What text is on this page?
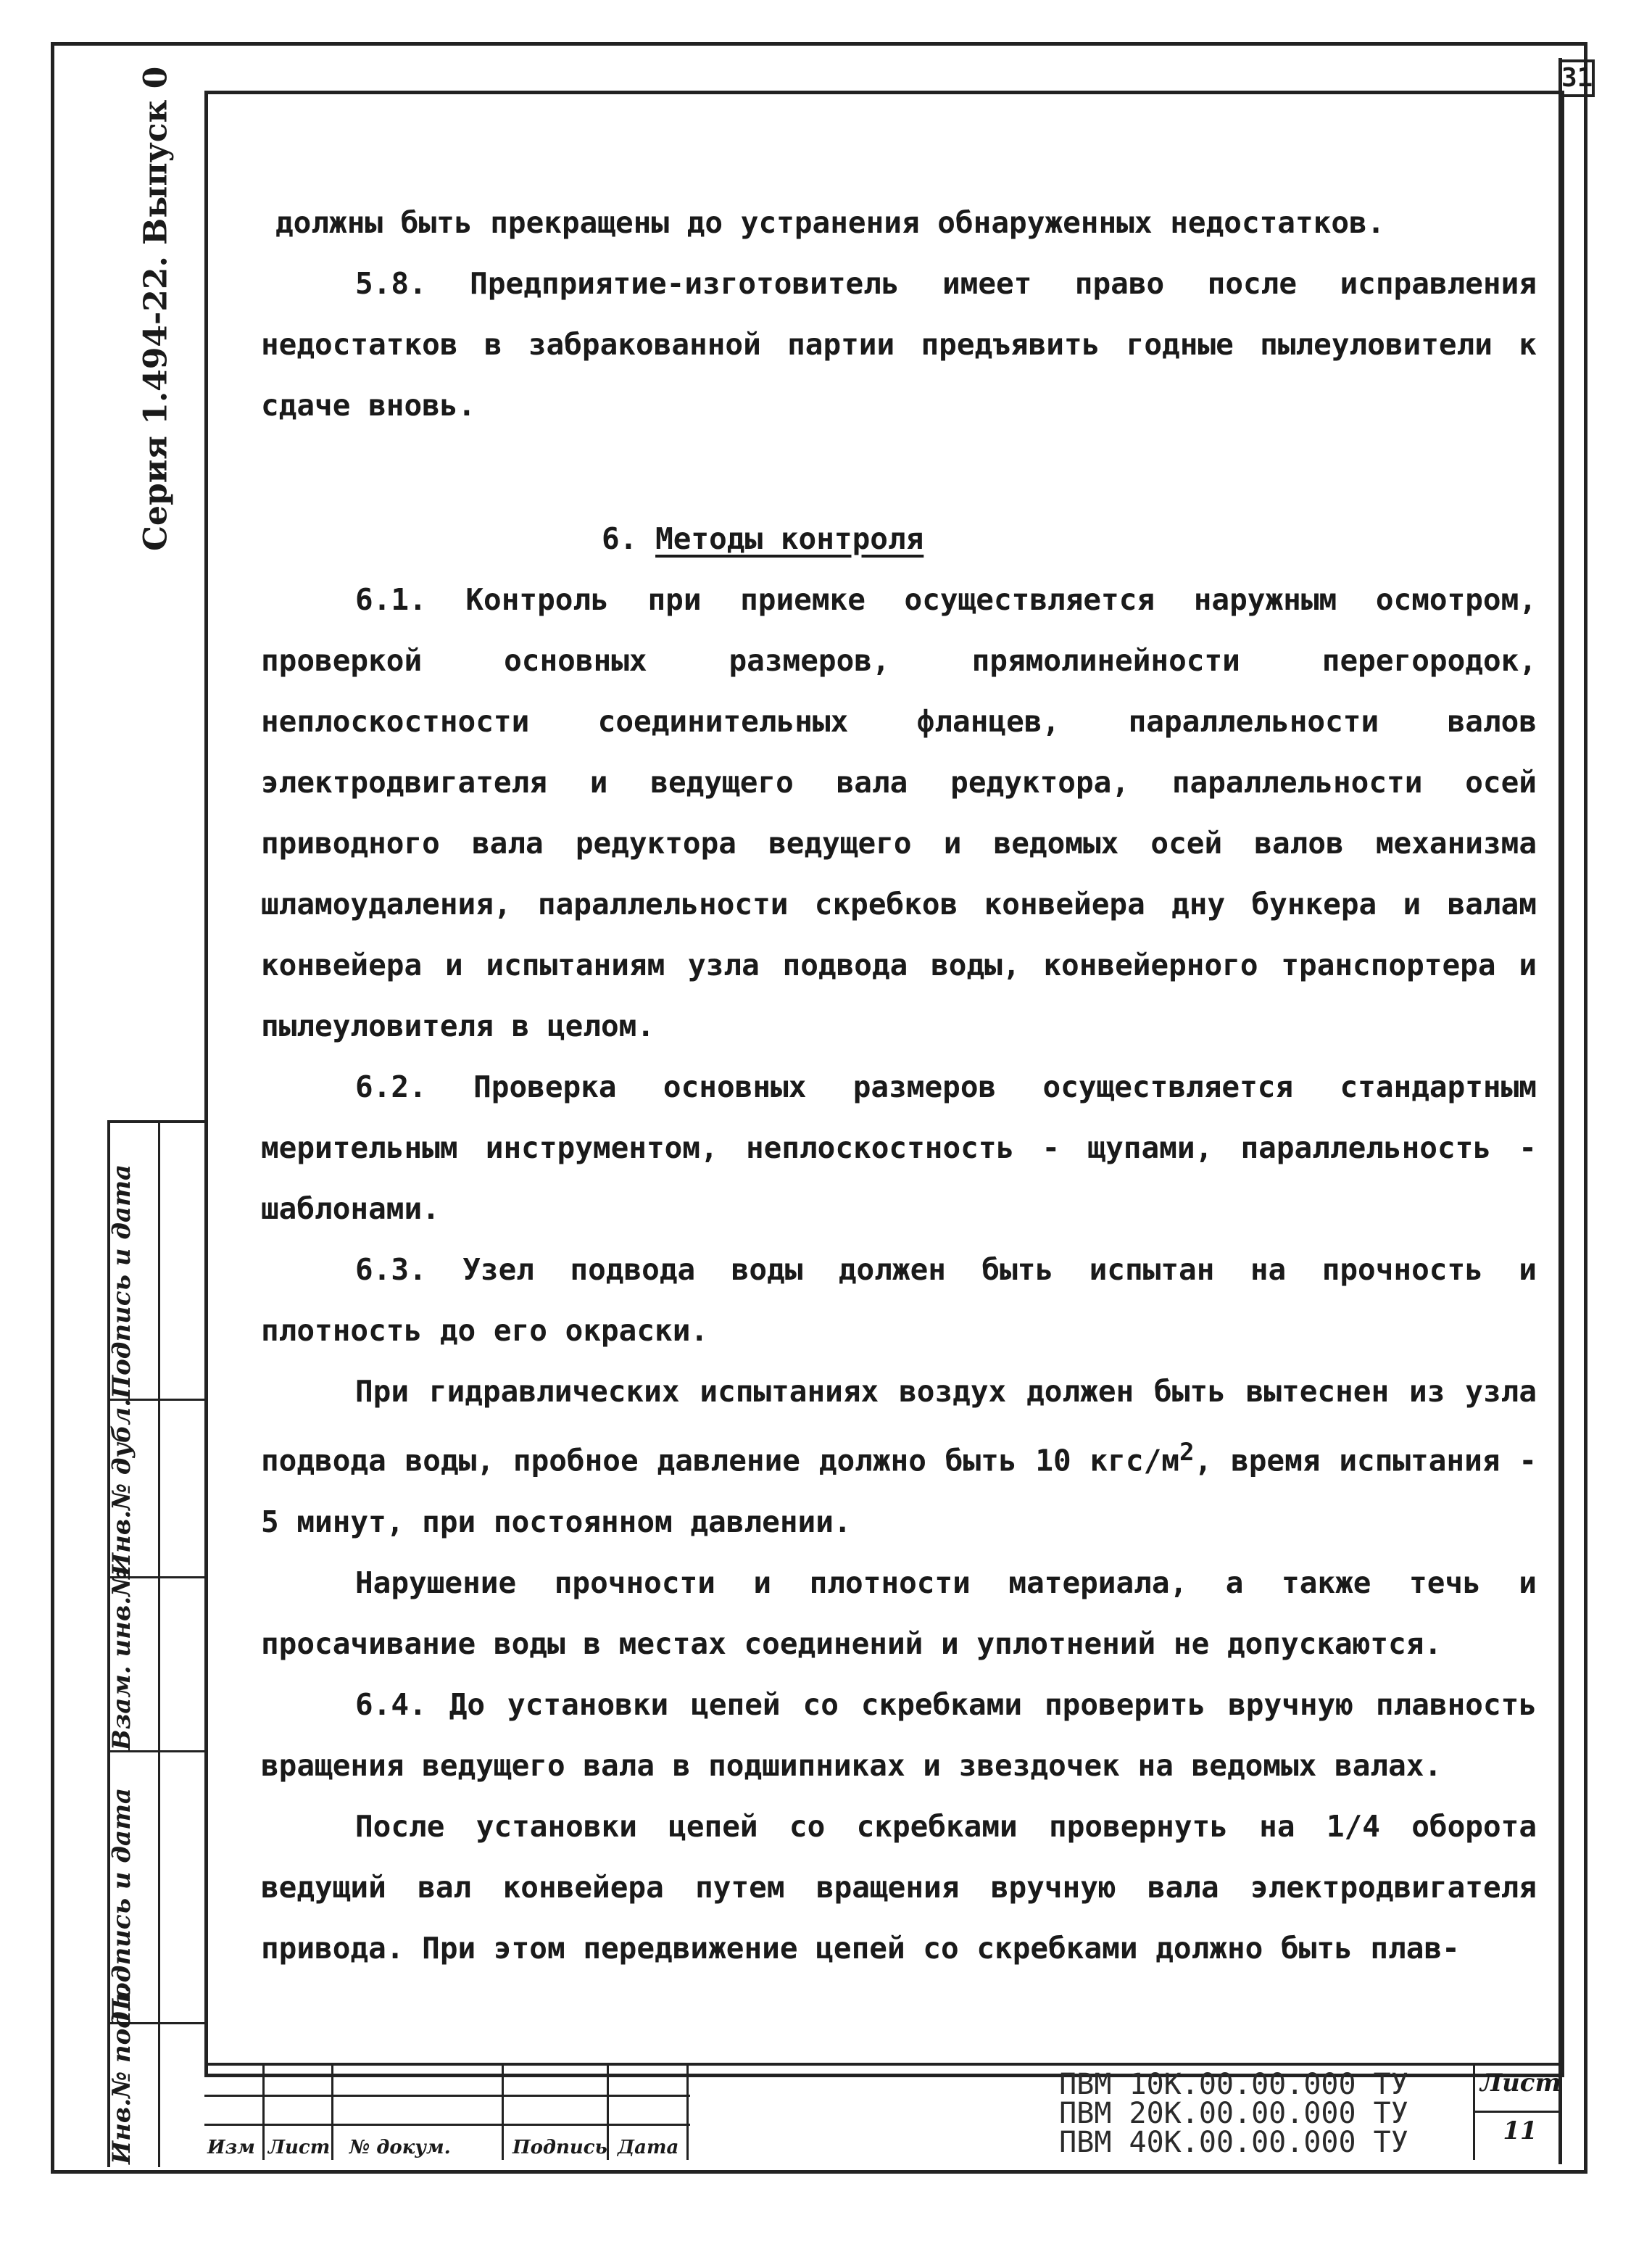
31
Серия 1.494-22. Выпуск 0
Подпись и дата
Инв.№ дубл.
Взам. инв.№
Подпись и дата
Инв.№ подл.

должны быть прекращены до устранения обнаруженных недостатков.

5.8. Предприятие-изготовитель имеет право после исправления недостатков в забракованной партии предъявить годные пылеуловители к сдаче вновь.

6. Методы контроля

6.1. Контроль при приемке осуществляется наружным осмотром, проверкой основных размеров, прямолинейности перегородок, неплоскостности соединительных фланцев, параллельности валов электродвигателя и ведущего вала редуктора, параллельности осей приводного вала редуктора ведущего и ведомых осей валов механизма шламоудаления, параллельности скребков конвейера дну бункера и валам конвейера и испытаниям узла подвода воды, конвейерного транспортера и пылеуловителя в целом.

6.2. Проверка основных размеров осуществляется стандартным мерительным инструментом, неплоскостность - щупами, параллельность - шаблонами.

6.3. Узел подвода воды должен быть испытан на прочность и плотность до его окраски.

При гидравлических испытаниях воздух должен быть вытеснен из узла подвода воды, пробное давление должно быть 10 кгс/$м^2$, время испытания - 5 минут, при постоянном давлении.

Нарушение прочности и плотности материала, а также течь и просачивание воды в местах соединений и уплотнений не допускаются.

6.4. До установки цепей со скребками проверить вручную плавность вращения ведущего вала в подшипниках и звездочек на ведомых валах.

После установки цепей со скребками провернуть на 1/4 оборота ведущий вал конвейера путем вращения вручную вала электродвигателя привода. При этом передвижение цепей со скребками должно быть плав-

Изм Лист № докум.	Подпись Дата
ПВМ 10К.00.00.000 ТУ
ПВМ 20К.00.00.000 ТУ
ПВМ 40К.00.00.000 ТУ
Лист
11
